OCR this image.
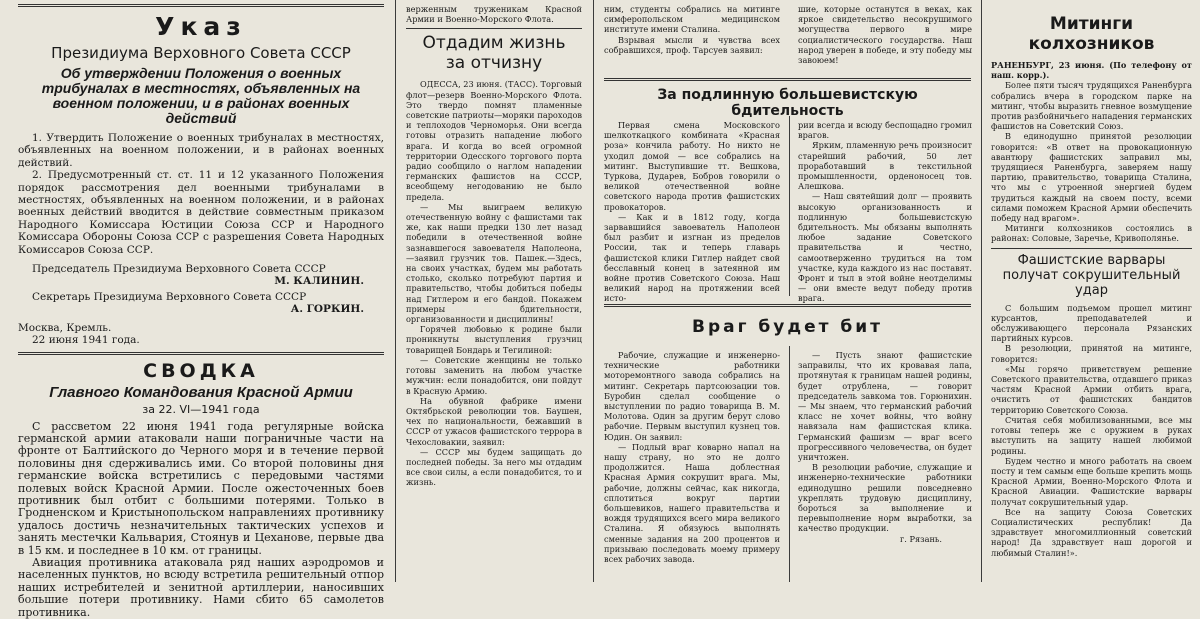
Указ
Президиума Верховного Совета СССР
Об утверждении Положения о военных трибуналах в местностях, объявленных на военном положении, и в районах военных действий

1. Утвердить Положение о военных трибуналах в местностях, объявленных на военном положении, и в районах военных действий.

2. Предусмотренный ст. ст. 11 и 12 указанного Положения порядок рассмотрения дел военными трибуналами в местностях, объявленных на военном положении, и в районах военных действий вводится в действие совместным приказом Народного Комиссара Юстиции Союза ССР и Народного Комиссара Обороны Союза ССР с разрешения Совета Народных Комиссаров Союза ССР.

Председатель Президиума Верховного Совета СССР

М. КАЛИНИН.

Секретарь Президиума Верховного Совета СССР

А. ГОРКИН.

Москва, Кремль.

22 июня 1941 года.

СВОДКА
Главного Командования Красной Армии
за 22. VI—1941 года

С рассветом 22 июня 1941 года регулярные войска германской армии атаковали наши пограничные части на фронте от Балтийского до Черного моря и в течение первой половины дня сдерживались ими. Со второй половины дня германские войска встретились с передовыми частями полевых войск Красной Армии. После ожесточенных боев противник был отбит с большими потерями. Только в Гродненском и Кристынопольском направлениях противнику удалось достичь незначительных тактических успехов и занять местечки Кальвария, Стоянув и Цеханове, первые два в 15 км. и последнее в 10 км. от границы.

Авиация противника атаковала ряд наших аэродромов и населенных пунктов, но всюду встретила решительный отпор наших истребителей и зенитной артиллерии, наносивших большие потери противнику. Нами сбито 65 самолетов противника.

верженным труженикам Красной Армии и Военно-Морского Флота.

Отдадим жизнь
за отчизну

ОДЕССА, 23 июня. (ТАСС). Торговый флот—резерв Военно-Морского Флота. Это твердо помнят пламенные советские патриоты—моряки пароходов и теплоходов Черноморья. Они всегда готовы отразить нападение любого врага. И когда во всей огромной территории Одесского торгового порта радио сообщило о наглом нападении германских фашистов на СССР, всеобщему негодованию не было предела.

— Мы выиграем великую отечественную войну с фашистами так же, как наши предки 130 лет назад победили в отечественной войне зазнавшегося завоевателя Наполеона,—заявил грузчик тов. Пашек.—Здесь, на своих участках, будем мы работать столько, сколько потребуют партия и правительство, чтобы добиться победы над Гитлером и его бандой. Покажем примеры бдительности, организованности и дисциплины!

Горячей любовью к родине были проникнуты выступления грузчиц товарищей Бондарь и Тегилиной:

— Советские женщины не только готовы заменить на любом участке мужчин: если понадобится, они пойдут в Красную Армию.

На обувной фабрике имени Октябрьской революции тов. Баушен, чех по национальности, бежавший в СССР от ужасов фашистского террора в Чехословакии, заявил:

— СССР мы будем защищать до последней победы. За него мы отдадим все свои силы, а если понадобится, то и жизнь.

ним, студенты собрались на митинге симферопольском медицинском институте имени Сталина.

Взрывая мысли и чувства всех собравшихся, проф. Тарсуев заявил:

шие, которые останутся в веках, как яркое свидетельство несокрушимого могущества первого в мире социалистического государства. Наш народ уверен в победе, и эту победу мы завоюем!

За подлинную большевистскую бдительность

Первая смена Московского шелкоткацкого комбината «Красная роза» кончила работу. Но никто не уходил домой — все собрались на митинг. Выступившие тт. Вешкова, Туркова, Дударев, Бобров говорили о великой отечественной войне советского народа против фашистских провокаторов.

— Как и в 1812 году, когда зарвавшийся завоеватель Наполеон был разбит и изгнан из пределов России, так и теперь главарь фашистской клики Гитлер найдет свой бесславный конец в затеянной им войне против Советского Союза. Наш великий народ на протяжении всей исто-

рии всегда и всюду беспощадно громил врагов.

Ярким, пламенную речь произносит старейший рабочий, 50 лет проработавший в текстильной промышленности, орденоносец тов. Алешкова.

— Наш святейший долг — проявить высокую организованность и подлинную большевистскую бдительность. Мы обязаны выполнять любое задание Советского правительства и честно, самоотверженно трудиться на том участке, куда каждого из нас поставят. Фронт и тыл в этой войне неотделимы — они вместе ведут победу против врага.

Враг будет бит

Рабочие, служащие и инженерно-технические работники моторемонтного завода собрались на митинг. Секретарь партсоюзации тов. Буробин сделал сообщение о выступлении по радио товарища В. М. Молотова. Один за другим берут слово рабочие. Первым выступил кузнец тов. Юдин. Он заявил:

— Подлый враг коварно напал на нашу страну, но это не долго продолжится. Наша доблестная Красная Армия сокрушит врага. Мы, рабочие, должны сейчас, как никогда, сплотиться вокруг партии большевиков, нашего правительства и вождя трудящихся всего мира великого Сталина. Я обязуюсь выполнять сменные задания на 200 процентов и призываю последовать моему примеру всех рабочих завода.

— Пусть знают фашистские заправилы, что их кровавая лапа, протянутая к границам нашей родины, будет отрублена, — говорит председатель завкома тов. Горюнихин. — Мы знаем, что германский рабочий класс не хочет войны, что войну навязала нам фашистская клика. Германский фашизм — враг всего прогрессивного человечества, он будет уничтожен.

В резолюции рабочие, служащие и инженерно-технические работники единодушно решили повседневно укреплять трудовую дисциплину, бороться за выполнение и перевыполнение норм выработки, за качество продукции.

г. Рязань.

Митинги
колхозников

РАНЕНБУРГ, 23 июня. (По телефону от наш. корр.).

Более пяти тысяч трудящихся Раненбурга собрались вчера в городском парке на митинг, чтобы выразить гневное возмущение против разбойничьего нападения германских фашистов на Советский Союз.

В единодушно принятой резолюции говорится: «В ответ на провокационную авантюру фашистских заправил мы, трудящиеся Раненбурга, заверяем нашу партию, правительство, товарища Сталина, что мы с утроенной энергией будем трудиться каждый на своем посту, всеми силами поможем Красной Армии обеспечить победу над врагом».

Митинги колхозников состоялись в районах: Соловые, Заречье, Кривополянье.

Фашистские варвары получат сокрушительный удар

С большим подъемом прошел митинг курсантов, преподавателей и обслуживающего персонала Рязанских партийных курсов.

В резолюции, принятой на митинге, говорится:

«Мы горячо приветствуем решение Советского правительства, отдавшего приказ частям Красной Армии отбить врага, очистить от фашистских бандитов территорию Советского Союза.

Считая себя мобилизованными, все мы готовы теперь же с оружием в руках выступить на защиту нашей любимой родины.

Будем честно и много работать на своем посту и тем самым еще больше крепить мощь Красной Армии, Военно-Морского Флота и Красной Авиации. Фашистские варвары получат сокрушительный удар.

Все на защиту Союза Советских Социалистических республик! Да здравствует многомиллионный советский народ! Да здравствует наш дорогой и любимый Сталин!».
